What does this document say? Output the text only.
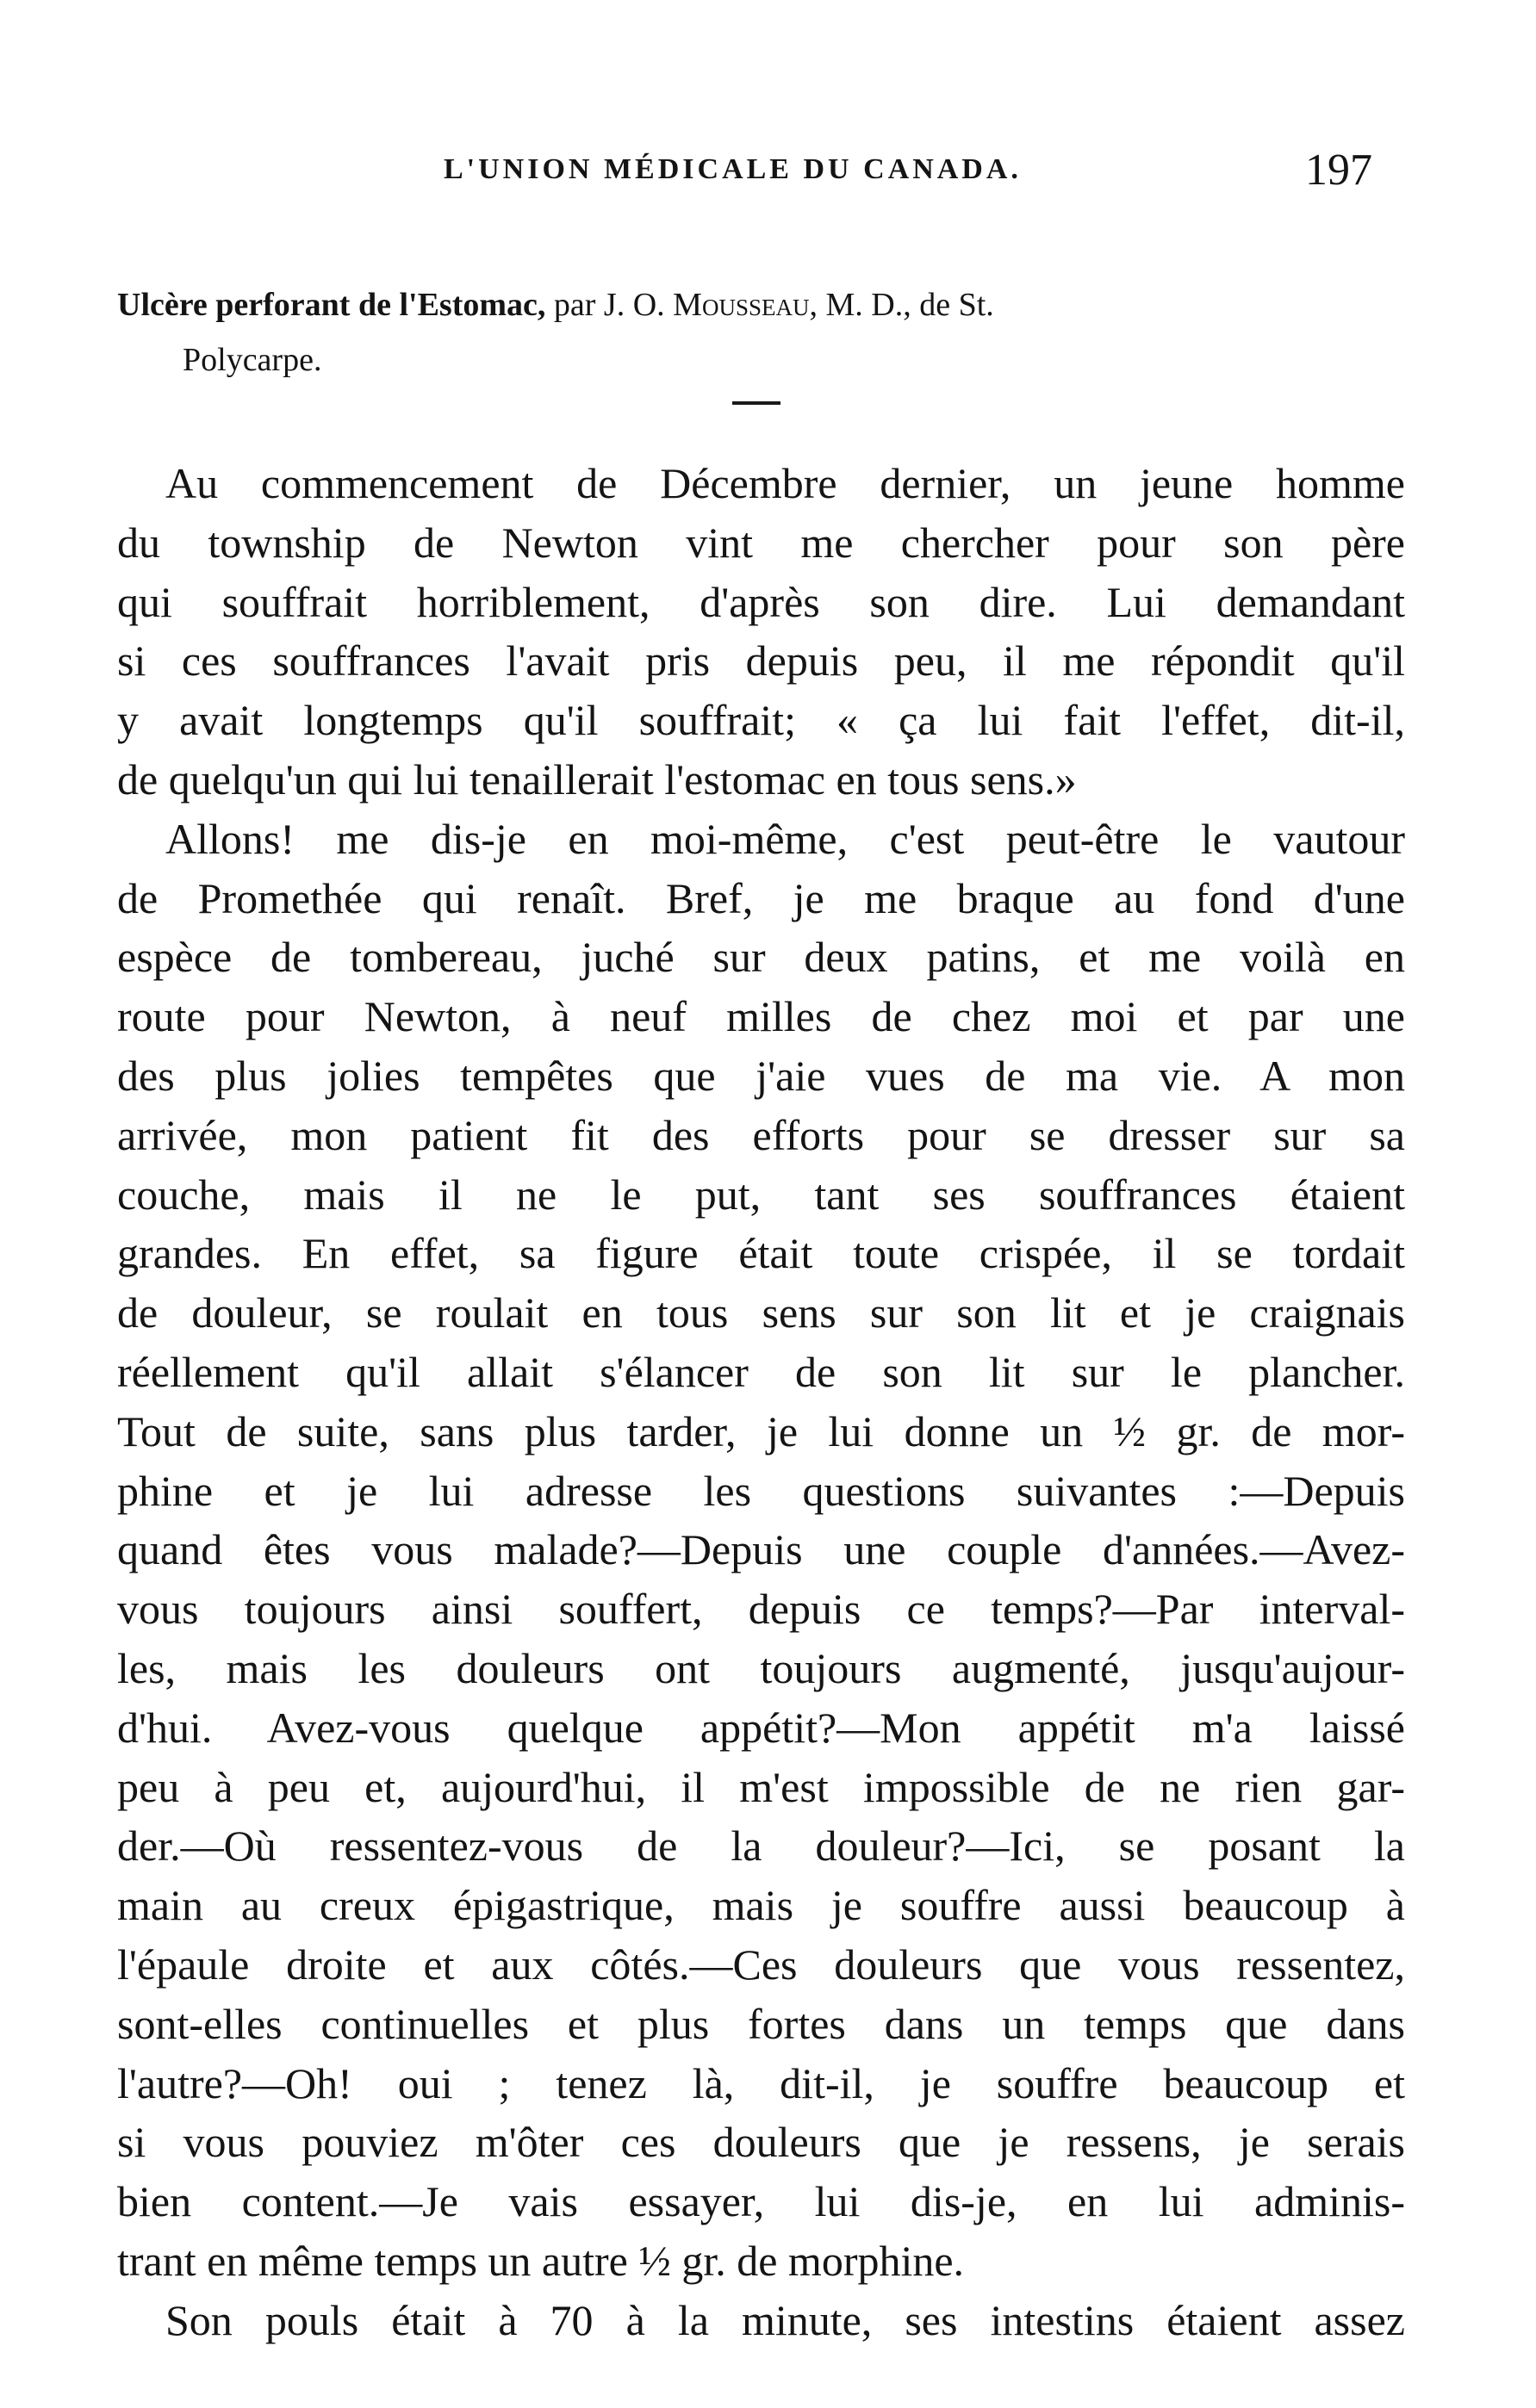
L'UNION MÉDICALE DU CANADA.	197
Ulcère perforant de l'Estomac, par J. O. Mousseau, M. D., de St.
Polycarpe.
Au commencement de Décembre dernier, un jeune homme
du township de Newton vint me chercher pour son père
qui souffrait horriblement, d'après son dire. Lui demandant
si ces souffrances l'avait pris depuis peu, il me répondit qu'il
y avait longtemps qu'il souffrait; « ça lui fait l'effet, dit-il,
de quelqu'un qui lui tenaillerait l'estomac en tous sens.»
Allons! me dis-je en moi-même, c'est peut-être le vautour
de Promethée qui renaît. Bref, je me braque au fond d'une
espèce de tombereau, juché sur deux patins, et me voilà en
route pour Newton, à neuf milles de chez moi et par une
des plus jolies tempêtes que j'aie vues de ma vie. A mon
arrivée, mon patient fit des efforts pour se dresser sur sa
couche, mais il ne le put, tant ses souffrances étaient
grandes. En effet, sa figure était toute crispée, il se tordait
de douleur, se roulait en tous sens sur son lit et je craignais
réellement qu'il allait s'élancer de son lit sur le plancher.
Tout de suite, sans plus tarder, je lui donne un ½ gr. de mor-
phine et je lui adresse les questions suivantes :—Depuis
quand êtes vous malade?—Depuis une couple d'années.—Avez-
vous toujours ainsi souffert, depuis ce temps?—Par interval-
les, mais les douleurs ont toujours augmenté, jusqu'aujour-
d'hui. Avez-vous quelque appétit?—Mon appétit m'a laissé
peu à peu et, aujourd'hui, il m'est impossible de ne rien gar-
der.—Où ressentez-vous de la douleur?—Ici, se posant la
main au creux épigastrique, mais je souffre aussi beaucoup à
l'épaule droite et aux côtés.—Ces douleurs que vous ressentez,
sont-elles continuelles et plus fortes dans un temps que dans
l'autre?—Oh! oui ; tenez là, dit-il, je souffre beaucoup et
si vous pouviez m'ôter ces douleurs que je ressens, je serais
bien content.—Je vais essayer, lui dis-je, en lui adminis-
trant en même temps un autre ½ gr. de morphine.
Son pouls était à 70 à la minute, ses intestins étaient assez
